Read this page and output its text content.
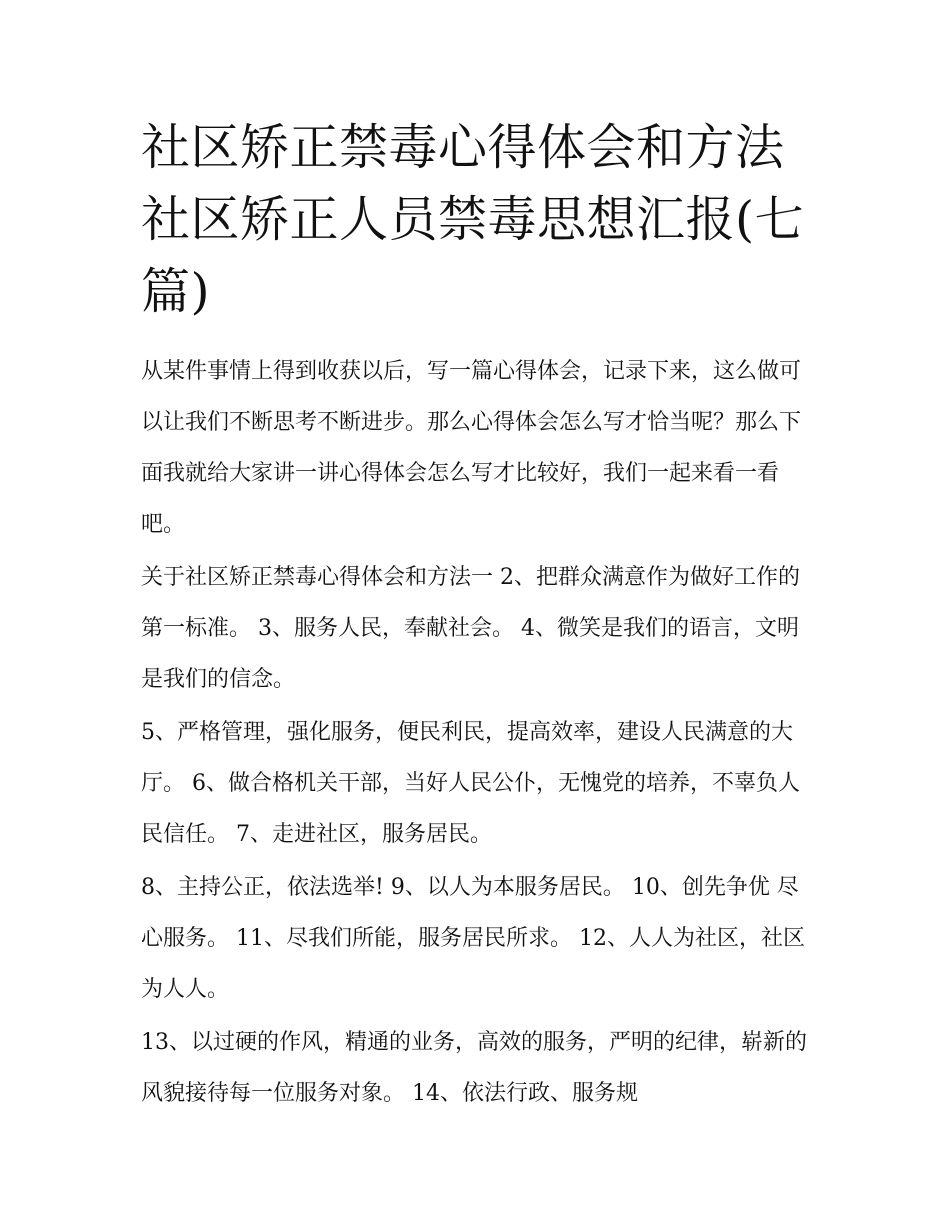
社区矫正禁毒心得体会和方法社区矫正人员禁毒思想汇报(七篇)

从某件事情上得到收获以后，写一篇心得体会，记录下来，这么做可以让我们不断思考不断进步。那么心得体会怎么写才恰当呢？那么下面我就给大家讲一讲心得体会怎么写才比较好，我们一起来看一看吧。

关于社区矫正禁毒心得体会和方法一 2、把群众满意作为做好工作的第一标准。 3、服务人民，奉献社会。 4、微笑是我们的语言，文明是我们的信念。

5、严格管理，强化服务，便民利民，提高效率，建设人民满意的大厅。 6、做合格机关干部，当好人民公仆，无愧党的培养，不辜负人民信任。 7、走进社区，服务居民。

8、主持公正，依法选举! 9、以人为本服务居民。 10、创先争优 尽心服务。 11、尽我们所能，服务居民所求。 12、人人为社区，社区为人人。

13、以过硬的作风，精通的业务，高效的服务，严明的纪律，崭新的风貌接待每一位服务对象。 14、依法行政、服务规
